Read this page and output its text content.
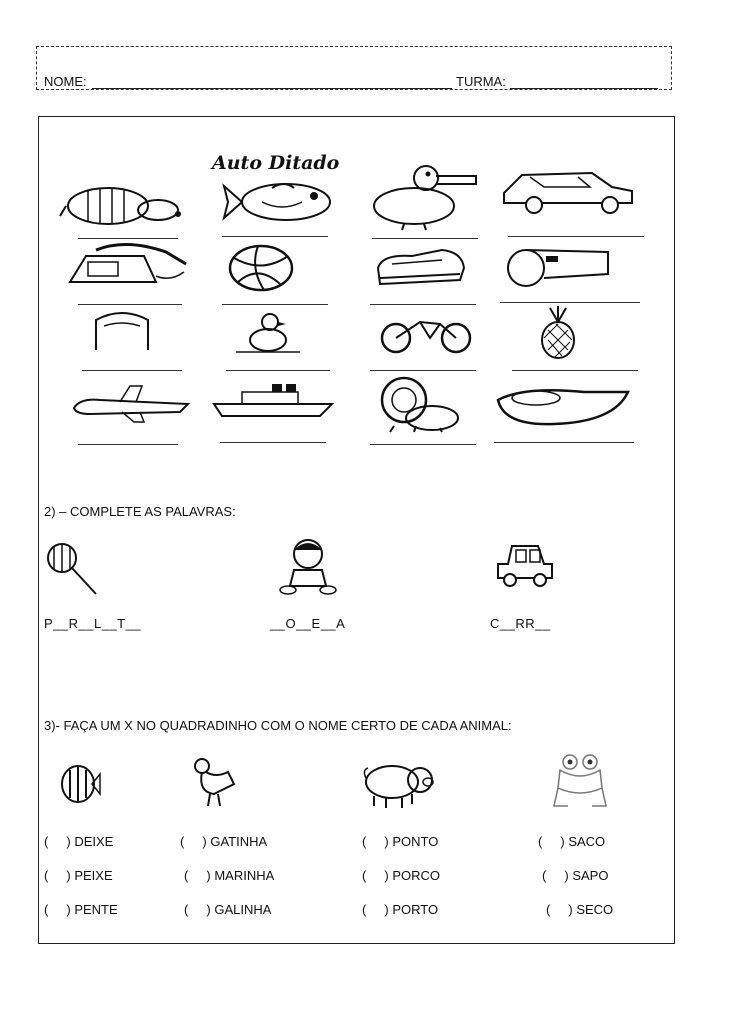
NOME:	TURMA:
Auto Ditado
2) – COMPLETE AS PALAVRAS:
P__R__L__T__	__O__E__A	C__RR__
3)- FAÇA UM X NO QUADRADINHO COM O NOME CERTO DE CADA ANIMAL:
(     ) DEIXE
(     ) PEIXE
(     ) PENTE
(     ) GATINHA
(     ) MARINHA
(     ) GALINHA
(     ) PONTO
(     ) PORCO
(     ) PORTO
(     ) SACO
(     ) SAPO
(     ) SECO
